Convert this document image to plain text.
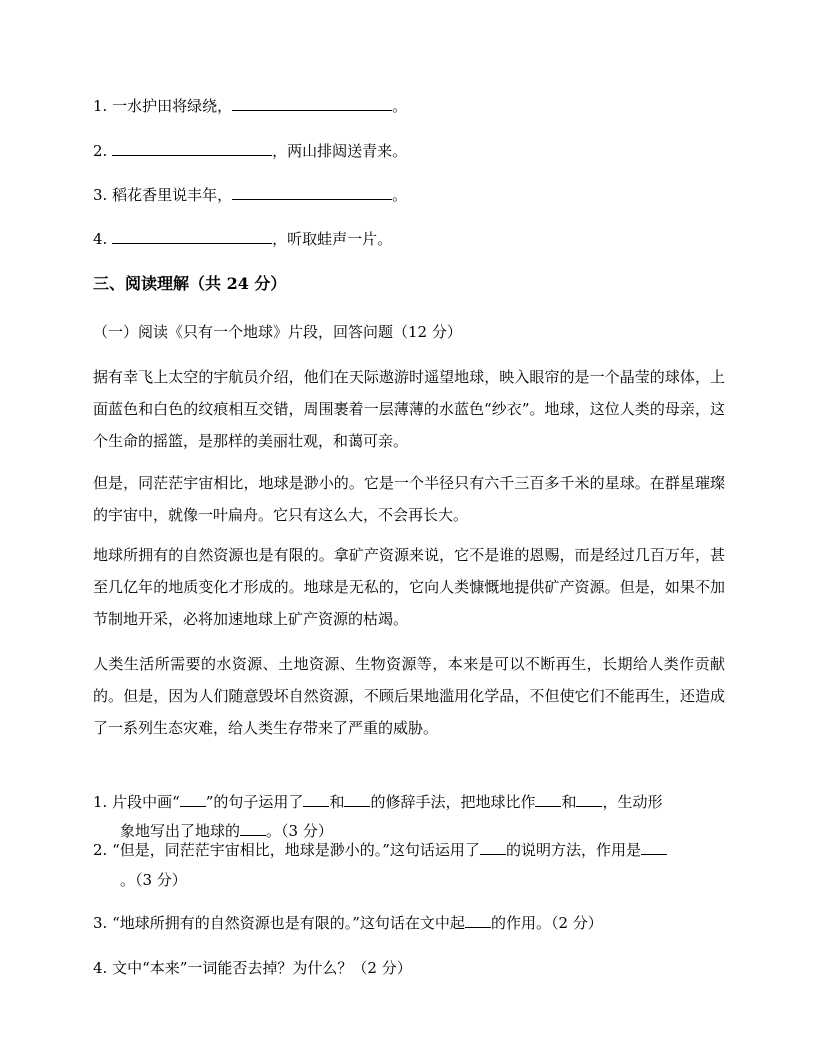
1. 一水护田将绿绕，	。
2.	，两山排闼送青来。
3. 稻花香里说丰年，	。
4.	，听取蛙声一片。
三、阅读理解（共 24 分）
（一）阅读《只有一个地球》片段，回答问题（12 分）
据有幸飞上太空的宇航员介绍，他们在天际遨游时遥望地球，映入眼帘的是一个晶莹的球体，上面蓝色和白色的纹痕相互交错，周围裹着一层薄薄的水蓝色“纱衣”。地球，这位人类的母亲，这个生命的摇篮，是那样的美丽壮观，和蔼可亲。
但是，同茫茫宇宙相比，地球是渺小的。它是一个半径只有六千三百多千米的星球。在群星璀璨的宇宙中，就像一叶扁舟。它只有这么大，不会再长大。
地球所拥有的自然资源也是有限的。拿矿产资源来说，它不是谁的恩赐，而是经过几百万年，甚至几亿年的地质变化才形成的。地球是无私的，它向人类慷慨地提供矿产资源。但是，如果不加节制地开采，必将加速地球上矿产资源的枯竭。
人类生活所需要的水资源、土地资源、生物资源等，本来是可以不断再生，长期给人类作贡献的。但是，因为人们随意毁坏自然资源，不顾后果地滥用化学品，不但使它们不能再生，还造成了一系列生态灾难，给人类生存带来了严重的威胁。
1. 片段中画“ ”的句子运用了 和 的修辞手法，把地球比作 和 ，生动形
象地写出了地球的 。（3 分）
2. “但是，同茫茫宇宙相比，地球是渺小的。”这句话运用了 的说明方法，作用是
。（3 分）
3. “地球所拥有的自然资源也是有限的。”这句话在文中起 的作用。（2 分）
4. 文中“本来”一词能否去掉？为什么？（2 分）
